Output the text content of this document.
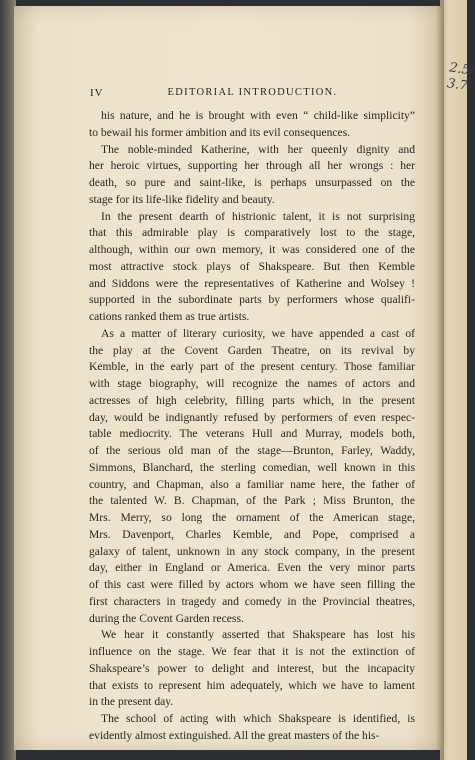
2.5/ 3.7
IV	EDITORIAL INTRODUCTION.
his nature, and he is brought with even “ child-like simplicity”
to bewail his former ambition and its evil consequences.
The noble-minded Katherine, with her queenly dignity and
her heroic virtues, supporting her through all her wrongs : her
death, so pure and saint-like, is perhaps unsurpassed on the
stage for its life-like fidelity and beauty.
In the present dearth of histrionic talent, it is not surprising
that this admirable play is comparatively lost to the stage,
although, within our own memory, it was considered one of the
most attractive stock plays of Shakspeare. But then Kemble
and Siddons were the representatives of Katherine and Wolsey !
supported in the subordinate parts by performers whose qualifi-
cations ranked them as true artists.
As a matter of literary curiosity, we have appended a cast of
the play at the Covent Garden Theatre, on its revival by
Kemble, in the early part of the present century. Those familiar
with stage biography, will recognize the names of actors and
actresses of high celebrity, filling parts which, in the present
day, would be indignantly refused by performers of even respec-
table mediocrity. The veterans Hull and Murray, models both,
of the serious old man of the stage—Brunton, Farley, Waddy,
Simmons, Blanchard, the sterling comedian, well known in this
country, and Chapman, also a familiar name here, the father of
the talented W. B. Chapman, of the Park ; Miss Brunton, the
Mrs. Merry, so long the ornament of the American stage,
Mrs. Davenport, Charles Kemble, and Pope, comprised a
galaxy of talent, unknown in any stock company, in the present
day, either in England or America. Even the very minor parts
of this cast were filled by actors whom we have seen filling the
first characters in tragedy and comedy in the Provincial theatres,
during the Covent Garden recess.
We hear it constantly asserted that Shakspeare has lost his
influence on the stage. We fear that it is not the extinction of
Shakspeare’s power to delight and interest, but the incapacity
that exists to represent him adequately, which we have to lament
in the present day.
The school of acting with which Shakspeare is identified, is
evidently almost extinguished. All the great masters of the his-
